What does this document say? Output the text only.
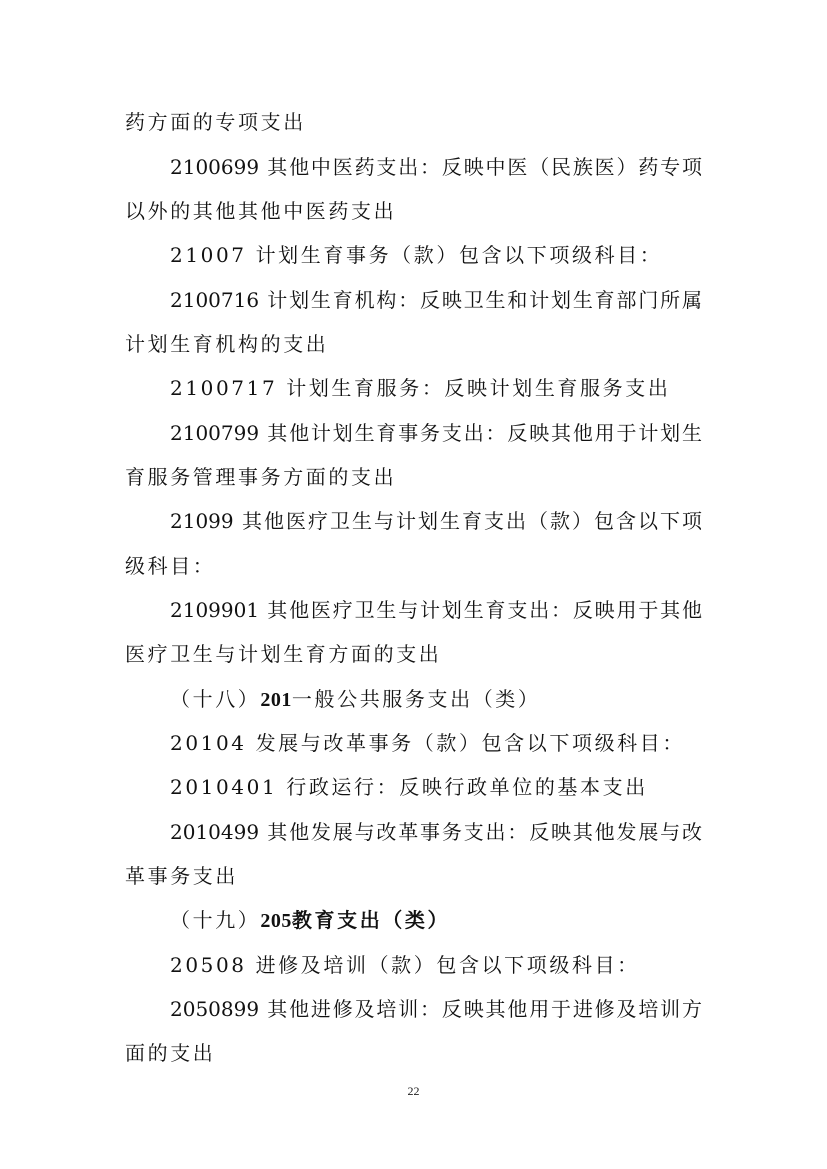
药方面的专项支出
2100699 其他中医药支出：反映中医（民族医）药专项
以外的其他其他中医药支出
21007 计划生育事务（款）包含以下项级科目：
2100716 计划生育机构：反映卫生和计划生育部门所属
计划生育机构的支出
2100717 计划生育服务：反映计划生育服务支出
2100799 其他计划生育事务支出：反映其他用于计划生
育服务管理事务方面的支出
21099 其他医疗卫生与计划生育支出（款）包含以下项
级科目：
2109901 其他医疗卫生与计划生育支出：反映用于其他
医疗卫生与计划生育方面的支出
（十八）201一般公共服务支出（类）
20104 发展与改革事务（款）包含以下项级科目：
2010401 行政运行：反映行政单位的基本支出
2010499 其他发展与改革事务支出：反映其他发展与改
革事务支出
（十九）205教育支出（类）
20508 进修及培训（款）包含以下项级科目：
2050899 其他进修及培训：反映其他用于进修及培训方
面的支出
22
